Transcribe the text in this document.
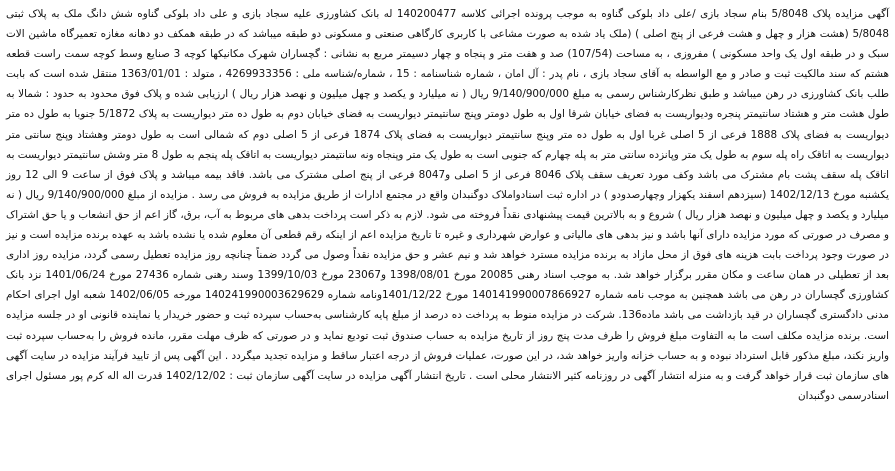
آگهی مزایده پلاک 5/8048 بنام سجاد بازی /علی داد بلوکی گناوه به موجب پرونده اجرائی کلاسه 140200477 له بانک کشاورزی علیه سجاد بازی و علی داد بلوکی گناوه شش دانگ ملک به پلاک ثبتی 5/8048 (هشت هزار و چهل و هشت فرعی از پنج اصلی ) (ملک یاد شده به صورت مشاعی با کاربری کارگاهی صنعتی و مسکونی دو طبقه میباشد که در طبقه همکف دو دهانه مغازه تعمیرگاه ماشین الات سبک و در طبقه اول یک واحد مسکونی ) مفروزی ، به مساحت (107/54) صد و هفت متر و پنجاه و چهار دسیمتر مربع به نشانی : گچساران شهرک مکانیکها کوچه 3 صنایع وسط کوچه سمت راست قطعه هشتم که سند مالکیت ثبت و صادر و مع الواسطه به آقای سجاد بازی ، نام پدر : آل امان ، شماره شناسنامه : 15 ، شماره/شناسه ملی : 4269933356 ، متولد : 1363/01/01 منتقل شده است که بابت طلب بانک کشاورزی در رهن میباشد و طبق نظرکارشناس رسمی به مبلغ 9/140/900/000 ریال ( نه میلیارد و یکصد و چهل میلیون و نهصد هزار ریال ) ارزیابی شده و پلاک فوق محدود به حدود : شمالا به طول هشت متر و هشتاد سانتیمتر پنجره ودیواریست به فضای خیابان شرقا اول به طول دومتر وپنج سانتیمتر دیواریست به فضای خیابان دوم به طول ده متر دیواریست به پلاک 5/1872 جنوبا به طول ده متر دیواریست به فضای پلاک 1888 فرعی از 5 اصلی غربا اول به طول ده متر وپنج سانتیمتر دیواریست به فضای پلاک 1874 فرعی از 5 اصلی دوم که شمالی است به طول دومتر وهشتاد وپنج سانتی متر دیواریست به اتاقک راه پله سوم به طول یک متر وپانزده سانتی متر به پله چهارم که جنوبی است به طول یک متر وپنجاه ونه سانتیمتر دیواریست به اتاقک پله پنجم به طول 8 متر وشش سانتیمتر دیواریست به اتاقک پله سقف پشت بام مشترک می باشد وکف مورد تعریف سقف پلاک 8046 فرعی از 5 اصلی و8047 فرعی از پنج اصلی مشترک می باشد. فاقد بیمه میباشد و پلاک فوق از ساعت 9 الی 12 روز یکشنبه مورخ 1402/12/13 (سیزدهم اسفند یکهزار وچهارصدودو ) در اداره ثبت اسنادواملاک دوگنبدان واقع در مجتمع ادارات از طریق مزایده به فروش می رسد . مزایده از مبلغ 9/140/900/000 ریال ( نه میلیارد و یکصد و چهل میلیون و نهصد هزار ریال ) شروع و به بالاترین قیمت پیشنهادی نقداً فروخته می شود. لازم به ذکر است پرداخت بدهی های مربوط به آب، برق، گاز اعم از حق انشعاب و یا حق اشتراک و مصرف در صورتی که مورد مزایده دارای آنها باشد و نیز بدهی های مالیاتی و عوارض شهرداری و غیره تا تاریخ مزایده اعم از اینکه رقم قطعی آن معلوم شده یا نشده باشد به عهده برنده مزایده است و نیز در صورت وجود پرداخت بابت هزینه های فوق از محل مازاد به برنده مزایده مسترد خواهد شد و نیم عشر و حق مزایده نقداً وصول می گردد ضمناً چنانچه روز مزایده تعطیل رسمی گردد، مزایده روز اداری بعد از تعطیلی در همان ساعت و مکان مقرر برگزار خواهد شد. به موجب اسناد رهنی 20085 مورخ 1398/08/01 و23067 مورخ 1399/10/03 وسند رهنی شماره 27436 مورخ 1401/06/24 نزد بانک کشاورزی گچساران در رهن می باشد همچنین به موجب نامه شماره 140141990007866927 مورخ 1401/12/22ونامه شماره 140241990003629629 مورخه 1402/06/05 شعبه اول اجرای احکام مدنی دادگستری گچساران در قید بازداشت می باشد ماده136. شرکت در مزایده منوط به پرداخت ده درصد از مبلغ پایه کارشناسی به‌حساب سپرده ثبت و حضور خریدار یا نماینده قانونی او در جلسه مزایده است. برنده مزایده مکلف است ما به التفاوت مبلغ فروش را ظرف مدت پنج روز از تاریخ مزایده به حساب صندوق ثبت تودیع نماید و در صورتی که ظرف مهلت مقرر، مانده فروش را به‌حساب سپرده ثبت واریز نکند، مبلغ مذکور قابل استرداد نبوده و به حساب خزانه واریز خواهد شد، در این صورت، عملیات فروش از درجه اعتبار ساقط و مزایده تجدید میگردد . این آگهی پس از تایید فرآیند مزایده در سایت آگهی های سازمان ثبت قرار خواهد گرفت و به منزله انتشار آگهی در روزنامه کثیر الانتشار محلی است . تاریخ انتشار آگهی مزایده در سایت آگهی سازمان ثبت : 1402/12/02 قدرت اله اله کرم پور مسئول اجرای اسنادرسمی دوگنبدان
